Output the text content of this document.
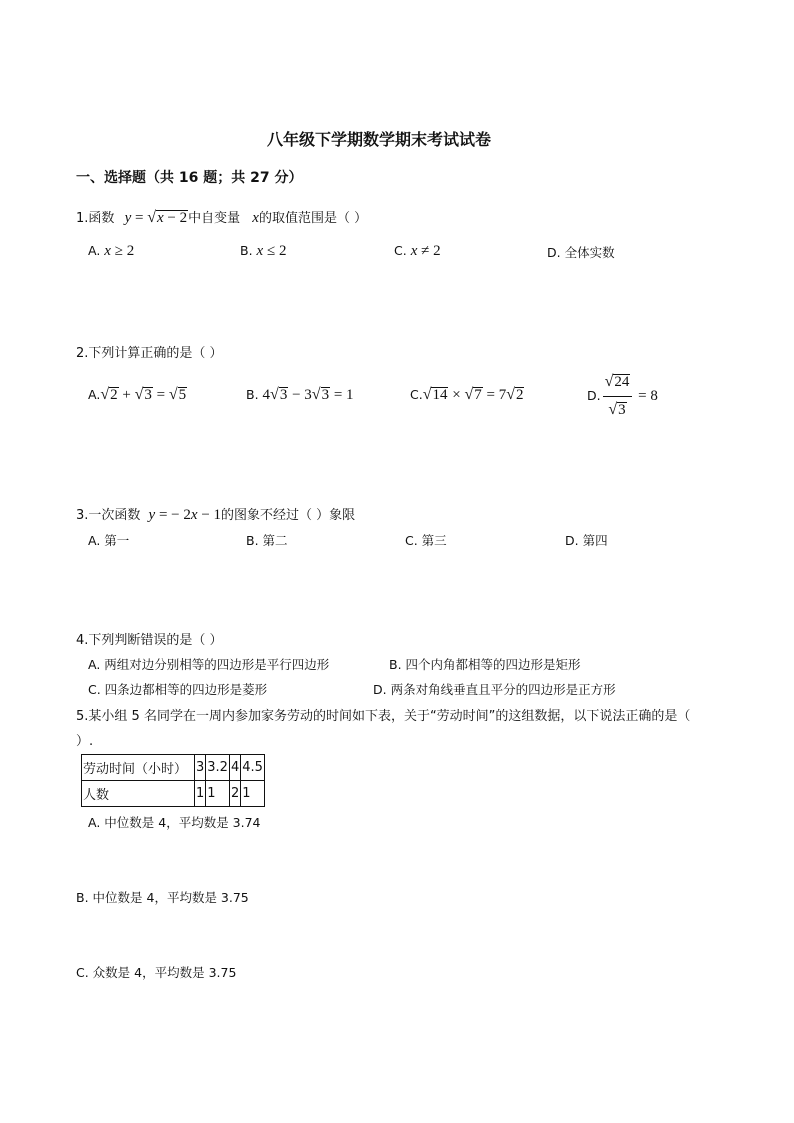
八年级下学期数学期末考试试卷
一、选择题（共 16 题；共 27 分）
1.函数 y = √x − 2中自变量 x的取值范围是（ ）
A. x ≥ 2	B. x ≤ 2	C. x ≠ 2	D. 全体实数
2.下列计算正确的是（ ）
A.√2 + √3 = √5	B. 4√3 − 3√3 = 1	C.√14 × √7 = 7√2	D. $\frac{√24}{√3} = 8$
3.一次函数 y = − 2x − 1的图象不经过（ ）象限
A. 第一	B. 第二	C. 第三	D. 第四
4.下列判断错误的是（ ）
A. 两组对边分别相等的四边形是平行四边形	B. 四个内角都相等的四边形是矩形
C. 四条边都相等的四边形是菱形	D. 两条对角线垂直且平分的四边形是正方形
5.某小组 5 名同学在一周内参加家务劳动的时间如下表，关于“劳动时间”的这组数据，以下说法正确的是（
）.
劳动时间（小时）	3	3.2	4	4.5
人数	1	1	2	1
A. 中位数是 4，平均数是 3.74
B. 中位数是 4，平均数是 3.75
C. 众数是 4，平均数是 3.75
